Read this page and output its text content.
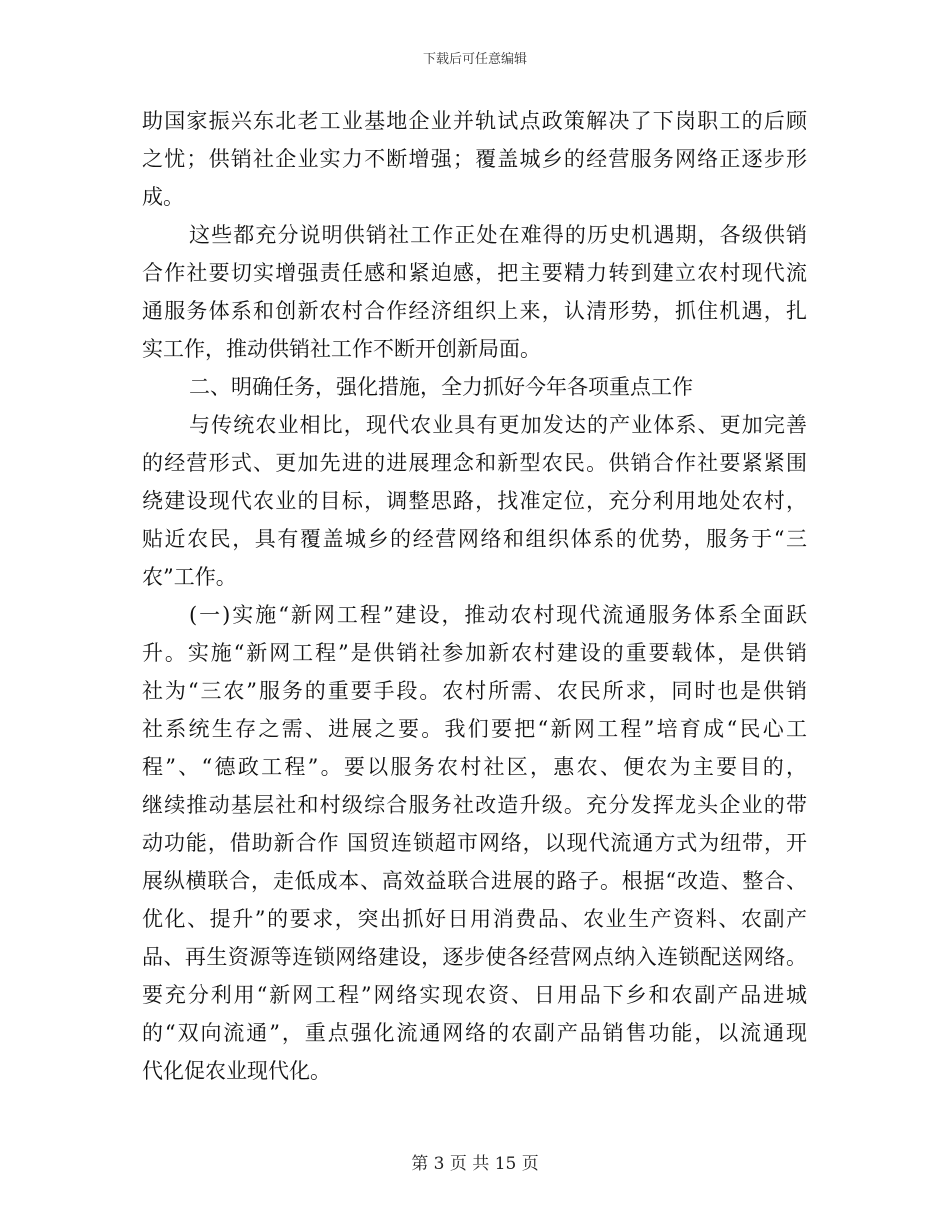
下载后可任意编辑
助国家振兴东北老工业基地企业并轨试点政策解决了下岗职工的后顾
之忧；供销社企业实力不断增强；覆盖城乡的经营服务网络正逐步形
成。
这些都充分说明供销社工作正处在难得的历史机遇期，各级供销
合作社要切实增强责任感和紧迫感，把主要精力转到建立农村现代流
通服务体系和创新农村合作经济组织上来，认清形势，抓住机遇，扎
实工作，推动供销社工作不断开创新局面。
二、明确任务，强化措施，全力抓好今年各项重点工作
与传统农业相比，现代农业具有更加发达的产业体系、更加完善
的经营形式、更加先进的进展理念和新型农民。供销合作社要紧紧围
绕建设现代农业的目标，调整思路，找准定位，充分利用地处农村，
贴近农民，具有覆盖城乡的经营网络和组织体系的优势，服务于“三
农”工作。
(一)实施“新网工程”建设，推动农村现代流通服务体系全面跃
升。实施“新网工程”是供销社参加新农村建设的重要载体，是供销
社为“三农”服务的重要手段。农村所需、农民所求，同时也是供销
社系统生存之需、进展之要。我们要把“新网工程”培育成“民心工
程”、“德政工程”。要以服务农村社区，惠农、便农为主要目的，
继续推动基层社和村级综合服务社改造升级。充分发挥龙头企业的带
动功能，借助新合作 国贸连锁超市网络，以现代流通方式为纽带，开
展纵横联合，走低成本、高效益联合进展的路子。根据“改造、整合、
优化、提升”的要求，突出抓好日用消费品、农业生产资料、农副产
品、再生资源等连锁网络建设，逐步使各经营网点纳入连锁配送网络。
要充分利用“新网工程”网络实现农资、日用品下乡和农副产品进城
的“双向流通”，重点强化流通网络的农副产品销售功能，以流通现
代化促农业现代化。
第 3 页 共 15 页
